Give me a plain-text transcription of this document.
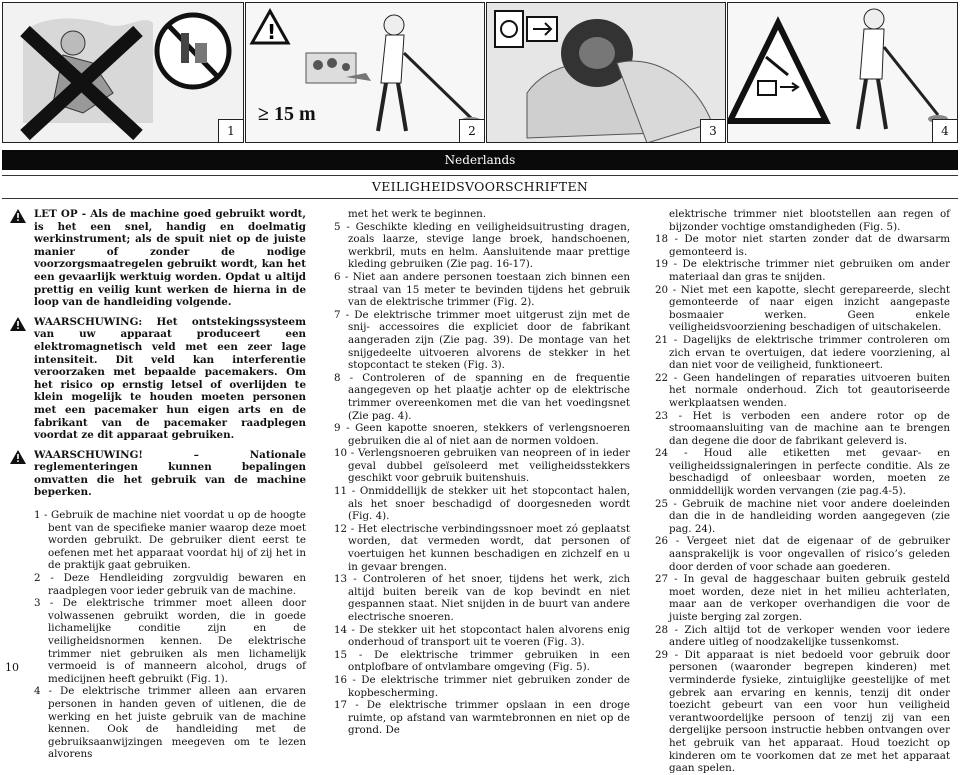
1
!
≥ 15 m
2	3	4
Nederlands
VEILIGHEIDSVOORSCHRIFTEN
LET OP - Als de machine goed gebruikt wordt, is het een snel, handig en doelmatig werkinstrument; als de spuit niet op de juiste manier of zonder de nodige voorzorgsmaatregelen gebruikt wordt, kan het een gevaarlijk werktuig worden. Opdat u altijd prettig en veilig kunt werken de hierna in de loop van de handleiding volgende.
WAARSCHUWING: Het ontstekingssysteem van uw apparaat produceert een elektromagnetisch veld met een zeer lage intensiteit. Dit veld kan interferentie veroorzaken met bepaalde pacemakers. Om het risico op ernstig letsel of overlijden te klein mogelijk te houden moeten personen met een pacemaker hun eigen arts en de fabrikant van de pacemaker raadplegen voordat ze dit apparaat gebruiken.
WAARSCHUWING! – Nationale reglementeringen kunnen bepalingen omvatten die het gebruik van de machine beperken.
1 - Gebruik de machine niet voordat u op de hoogte bent van de specifieke manier waarop deze moet worden gebruikt. De gebruiker dient eerst te oefenen met het apparaat voordat hij of zij het in de praktijk gaat gebruiken.
2 - Deze Hendleiding zorgvuldig bewaren en raadplegen voor ieder gebruik van de machine.
3 - De elektrische trimmer moet alleen door volwassenen gebruikt worden, die in goede lichamelijke conditie zijn en de veiligheidsnormen kennen. De elektrische trimmer niet gebruiken als men lichamelijk vermoeid is of manneern alcohol, drugs of medicijnen heeft gebruikt (Fig. 1).
4 - De elektrische trimmer alleen aan ervaren personen in handen geven of uitlenen, die de werking en het juiste gebruik van de machine kennen. Ook de handleiding met de gebruiksaanwijzingen meegeven om te lezen alvorens
met het werk te beginnen.
5 - Geschikte kleding en veiligheidsuitrusting dragen, zoals laarze, stevige lange broek, handschoenen, werkbril, muts en helm. Aansluitende maar prettige kleding gebruiken (Zie pag. 16-17).
6 - Niet aan andere personen toestaan zich binnen een straal van 15 meter te bevinden tijdens het gebruik van de elektrische trimmer (Fig. 2).
7 - De elektrische trimmer moet uitgerust zijn met de snij- accessoires die expliciet door de fabrikant aangeraden zijn (Zie pag. 39). De montage van het snijgedeelte uitvoeren alvorens de stekker in het stopcontact te steken (Fig. 3).
8 - Controleren of de spanning en de frequentie aangegeven op het plaatje achter op de elektrische trimmer overeenkomen met die van het voedingsnet (Zie pag. 4).
9 - Geen kapotte snoeren, stekkers of verlengsnoeren gebruiken die al of niet aan de normen voldoen.
10 - Verlengsnoeren gebruiken van neopreen of in ieder geval dubbel geïsoleerd met veiligheidsstekkers geschikt voor gebruik buitenshuis.
11 - Onmiddellijk de stekker uit het stopcontact halen, als het snoer beschadigd of doorgesneden wordt (Fig. 4).
12 - Het electrische verbindingssnoer moet zó geplaatst worden, dat vermeden wordt, dat personen of voertuigen het kunnen beschadigen en zichzelf en u in gevaar brengen.
13 - Controleren of het snoer, tijdens het werk, zich altijd buiten bereik van de kop bevindt en niet gespannen staat. Niet snijden in de buurt van andere electrische snoeren.
14 - De stekker uit het stopcontact halen alvorens enig onderhoud of transport uit te voeren (Fig. 3).
15 - De elektrische trimmer gebruiken in een ontplofbare of ontvlambare omgeving (Fig. 5).
16 - De elektrische trimmer niet gebruiken zonder de kopbescherming.
17 - De elektrische trimmer opslaan in een droge ruimte, op afstand van warmtebronnen en niet op de grond. De
elektrische trimmer niet blootstellen aan regen of bijzonder vochtige omstandigheden (Fig. 5).
18 - De motor niet starten zonder dat de dwarsarm gemonteerd is.
19 - De elektrische trimmer niet gebruiken om ander materiaal dan gras te snijden.
20 - Niet met een kapotte, slecht gerepareerde, slecht gemonteerde of naar eigen inzicht aangepaste bosmaaier werken. Geen enkele veiligheidsvoorziening beschadigen of uitschakelen.
21 - Dagelijks de elektrische trimmer controleren om zich ervan te overtuigen, dat iedere voorziening, al dan niet voor de veiligheid, funktioneert.
22 - Geen handelingen of reparaties uitvoeren buiten het normale onderhoud. Zich tot geautoriseerde werkplaatsen wenden.
23 - Het is verboden een andere rotor op de stroomaansluiting van de machine aan te brengen dan degene die door de fabrikant geleverd is.
24 - Houd alle etiketten met gevaar- en veiligheidssignaleringen in perfecte conditie. Als ze beschadigd of onleesbaar worden, moeten ze onmiddellijk worden vervangen (zie pag.4-5).
25 - Gebruik de machine niet voor andere doeleinden dan die in de handleiding worden aangegeven (zie pag. 24).
26 - Vergeet niet dat de eigenaar of de gebruiker aansprakelijk is voor ongevallen of risico’s geleden door derden of voor schade aan goederen.
27 - In geval de haggeschaar buiten gebruik gesteld moet worden, deze niet in het milieu achterlaten, maar aan de verkoper overhandigen die voor de juiste berging zal zorgen.
28 - Zich altijd tot de verkoper wenden voor iedere andere uitleg of noodzakelijke tussenkomst.
29 - Dit apparaat is niet bedoeld voor gebruik door personen (waaronder begrepen kinderen) met verminderde fysieke, zintuiglijke geestelijke of met gebrek aan ervaring en kennis, tenzij dit onder toezicht gebeurt van een voor hun veiligheid verantwoordelijke persoon of tenzij zij van een dergelijke persoon instructie hebben ontvangen over het gebruik van het apparaat. Houd toezicht op kinderen om te voorkomen dat ze met het apparaat gaan spelen.
10
